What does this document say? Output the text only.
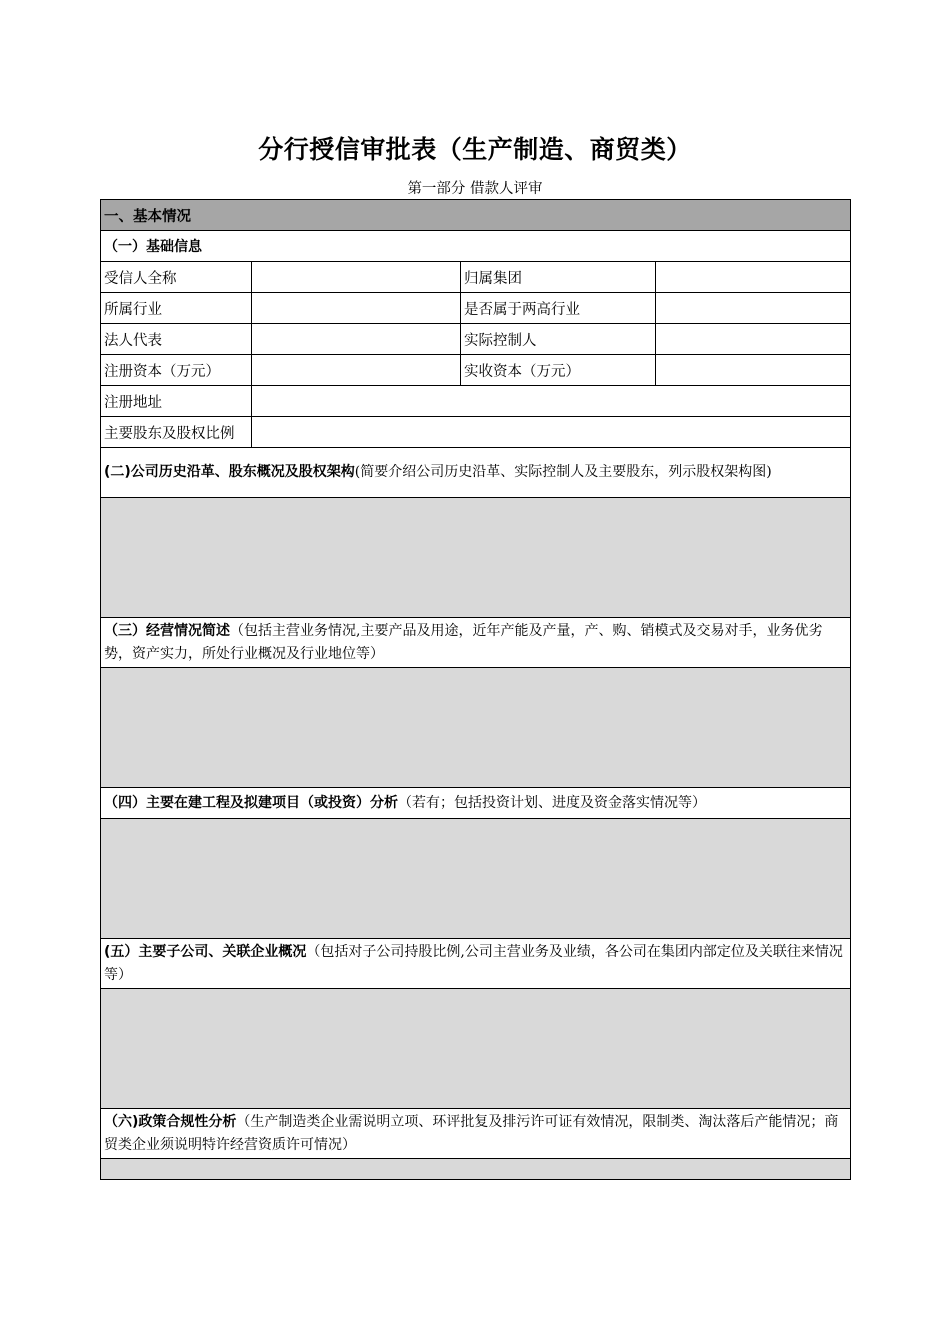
分行授信审批表（生产制造、商贸类）
第一部分 借款人评审
一、基本情况			
（一）基础信息			
受信人全称		归属集团	
所属行业		是否属于两高行业	
法人代表		实际控制人	
注册资本（万元）		实收资本（万元）	
注册地址			
主要股东及股权比例			
(二)公司历史沿革、股东概况及股权架构(简要介绍公司历史沿革、实际控制人及主要股东，列示股权架构图)			

（三）经营情况简述（包括主营业务情况,主要产品及用途，近年产能及产量，产、购、销模式及交易对手，业务优劣势，资产实力，所处行业概况及行业地位等）			

（四）主要在建工程及拟建项目（或投资）分析（若有；包括投资计划、进度及资金落实情况等）			

(五）主要子公司、关联企业概况（包括对子公司持股比例,公司主营业务及业绩，各公司在集团内部定位及关联往来情况等）			

（六)政策合规性分析（生产制造类企业需说明立项、环评批复及排污许可证有效情况，限制类、淘汰落后产能情况；商贸类企业须说明特许经营资质许可情况）			
